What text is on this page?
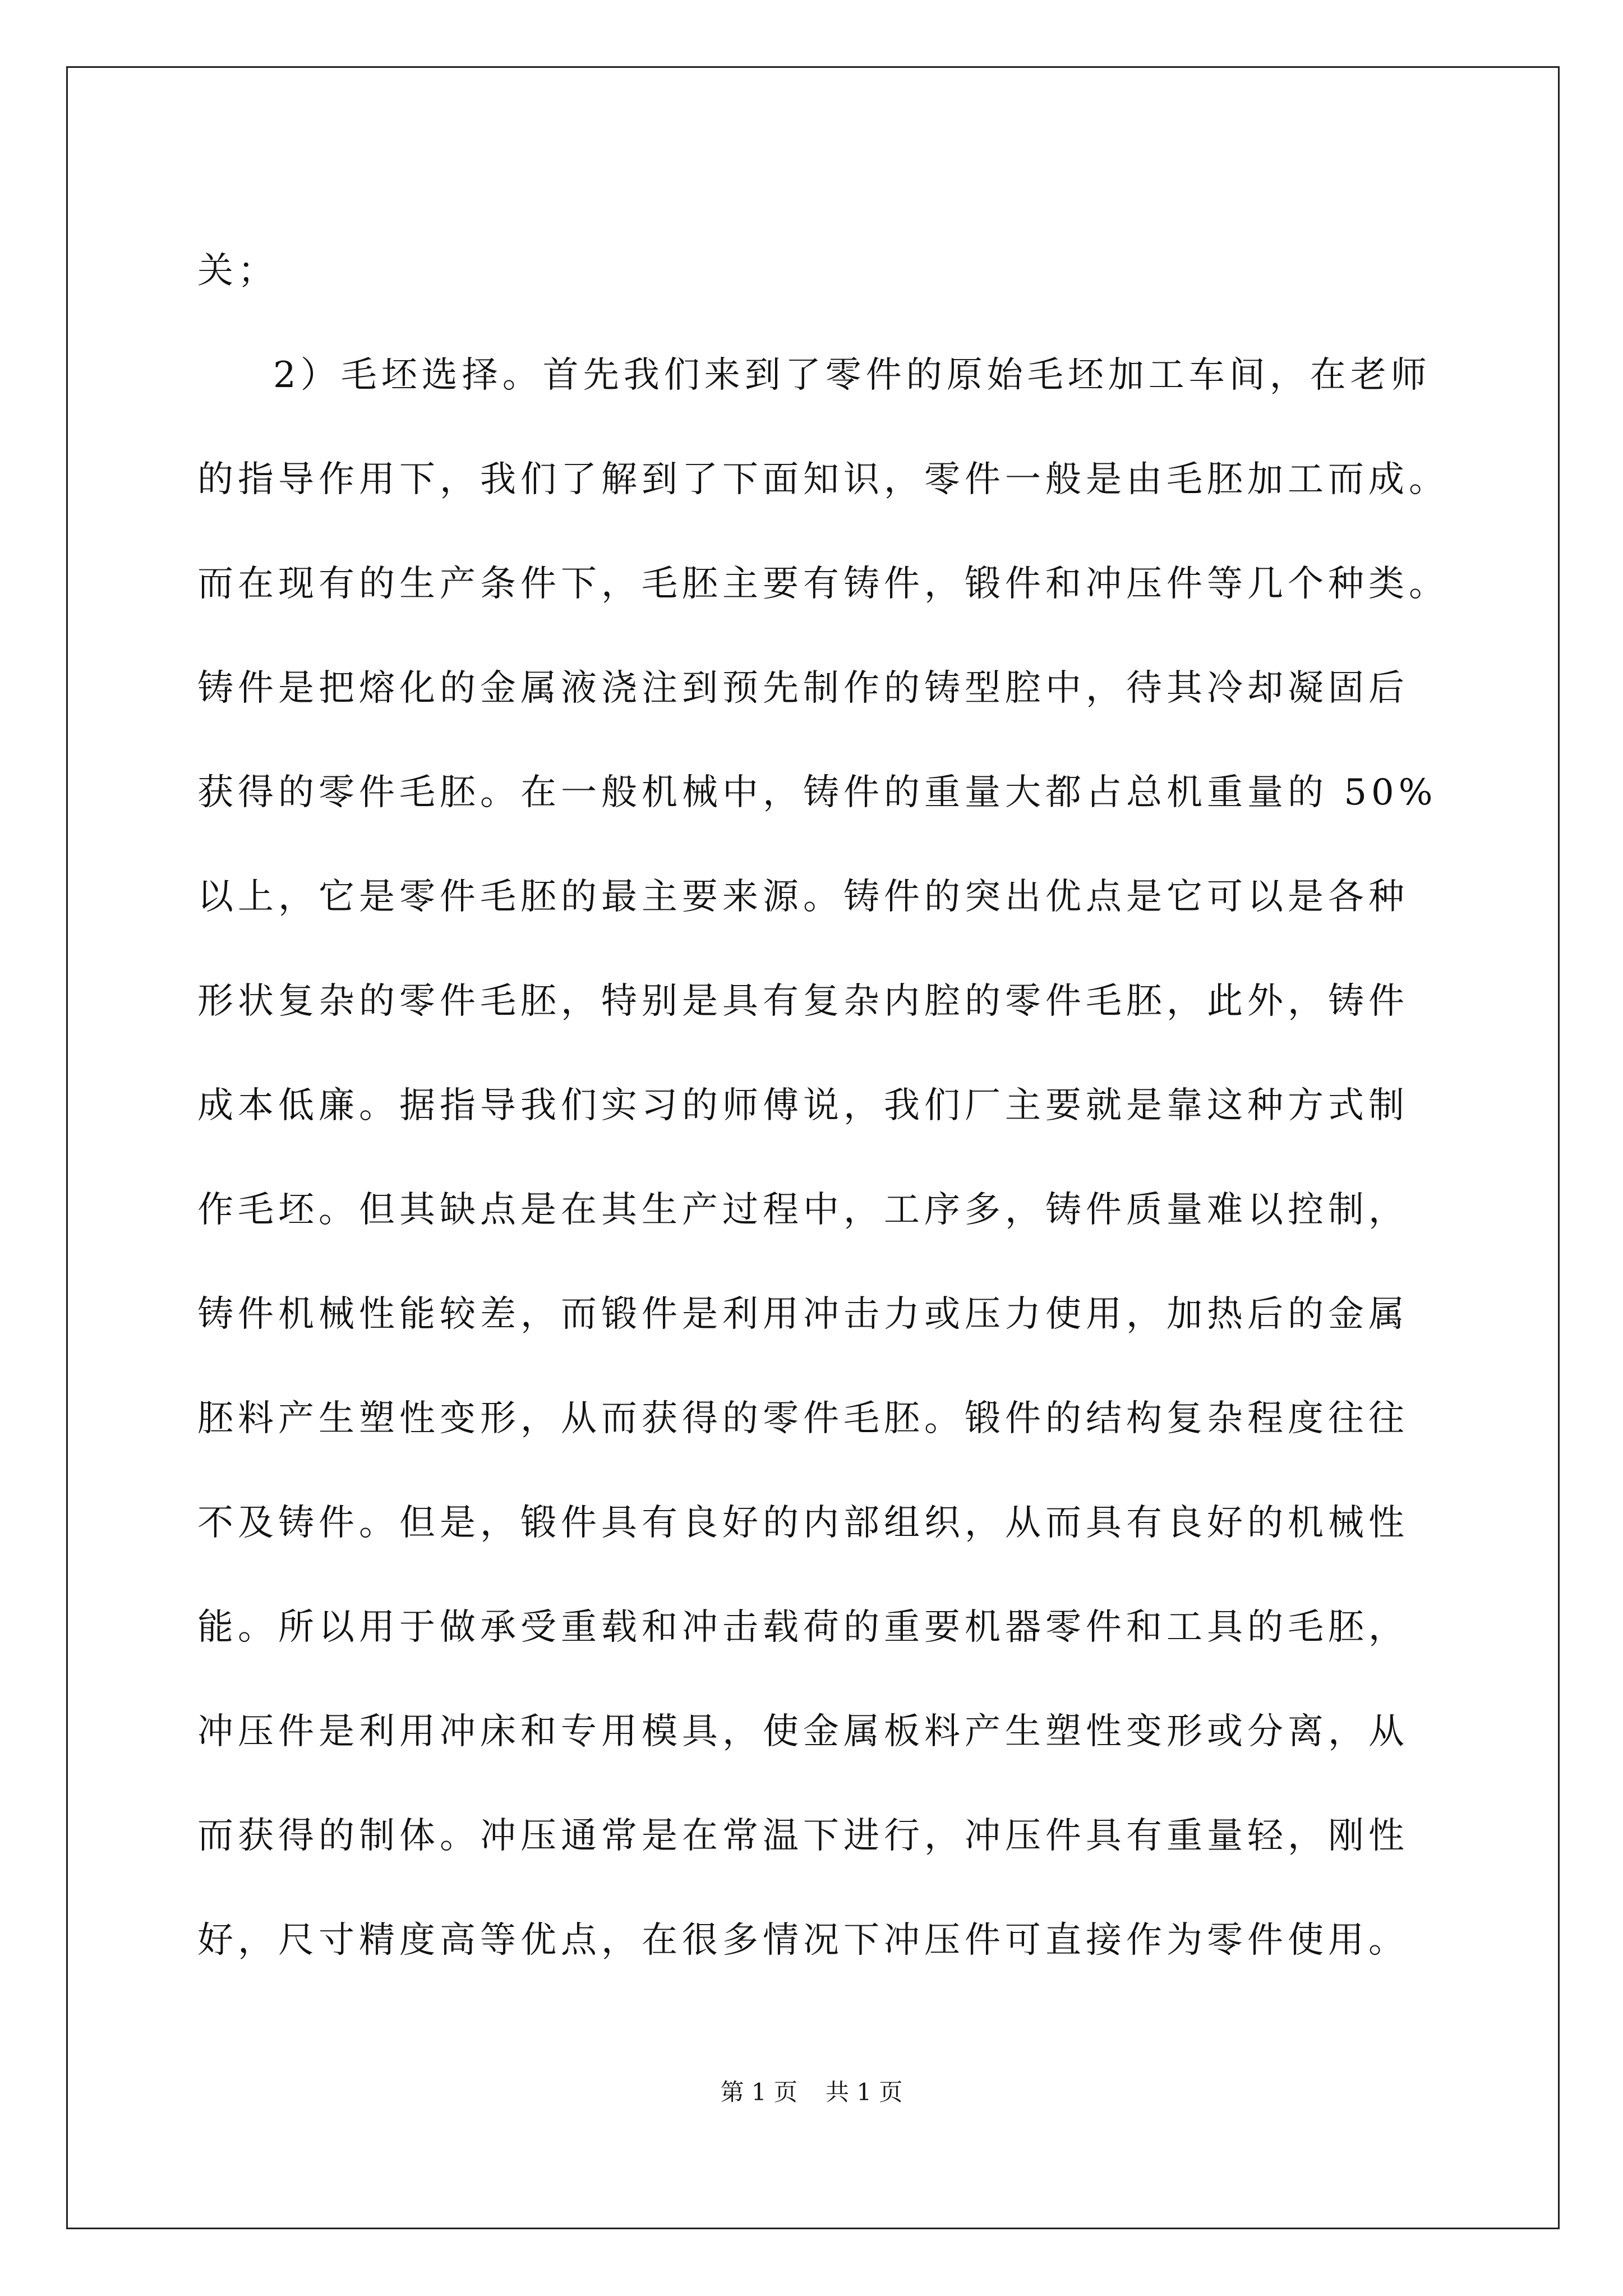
关；
2）毛坯选择。首先我们来到了零件的原始毛坯加工车间，在老师
的指导作用下，我们了解到了下面知识，零件一般是由毛胚加工而成。
而在现有的生产条件下，毛胚主要有铸件，锻件和冲压件等几个种类。
铸件是把熔化的金属液浇注到预先制作的铸型腔中，待其冷却凝固后
获得的零件毛胚。在一般机械中，铸件的重量大都占总机重量的 50%
以上，它是零件毛胚的最主要来源。铸件的突出优点是它可以是各种
形状复杂的零件毛胚，特别是具有复杂内腔的零件毛胚，此外，铸件
成本低廉。据指导我们实习的师傅说，我们厂主要就是靠这种方式制
作毛坯。但其缺点是在其生产过程中，工序多，铸件质量难以控制，
铸件机械性能较差，而锻件是利用冲击力或压力使用，加热后的金属
胚料产生塑性变形，从而获得的零件毛胚。锻件的结构复杂程度往往
不及铸件。但是，锻件具有良好的内部组织，从而具有良好的机械性
能。所以用于做承受重载和冲击载荷的重要机器零件和工具的毛胚，
冲压件是利用冲床和专用模具，使金属板料产生塑性变形或分离，从
而获得的制体。冲压通常是在常温下进行，冲压件具有重量轻，刚性
好，尺寸精度高等优点，在很多情况下冲压件可直接作为零件使用。
第 1 页 共 1 页
